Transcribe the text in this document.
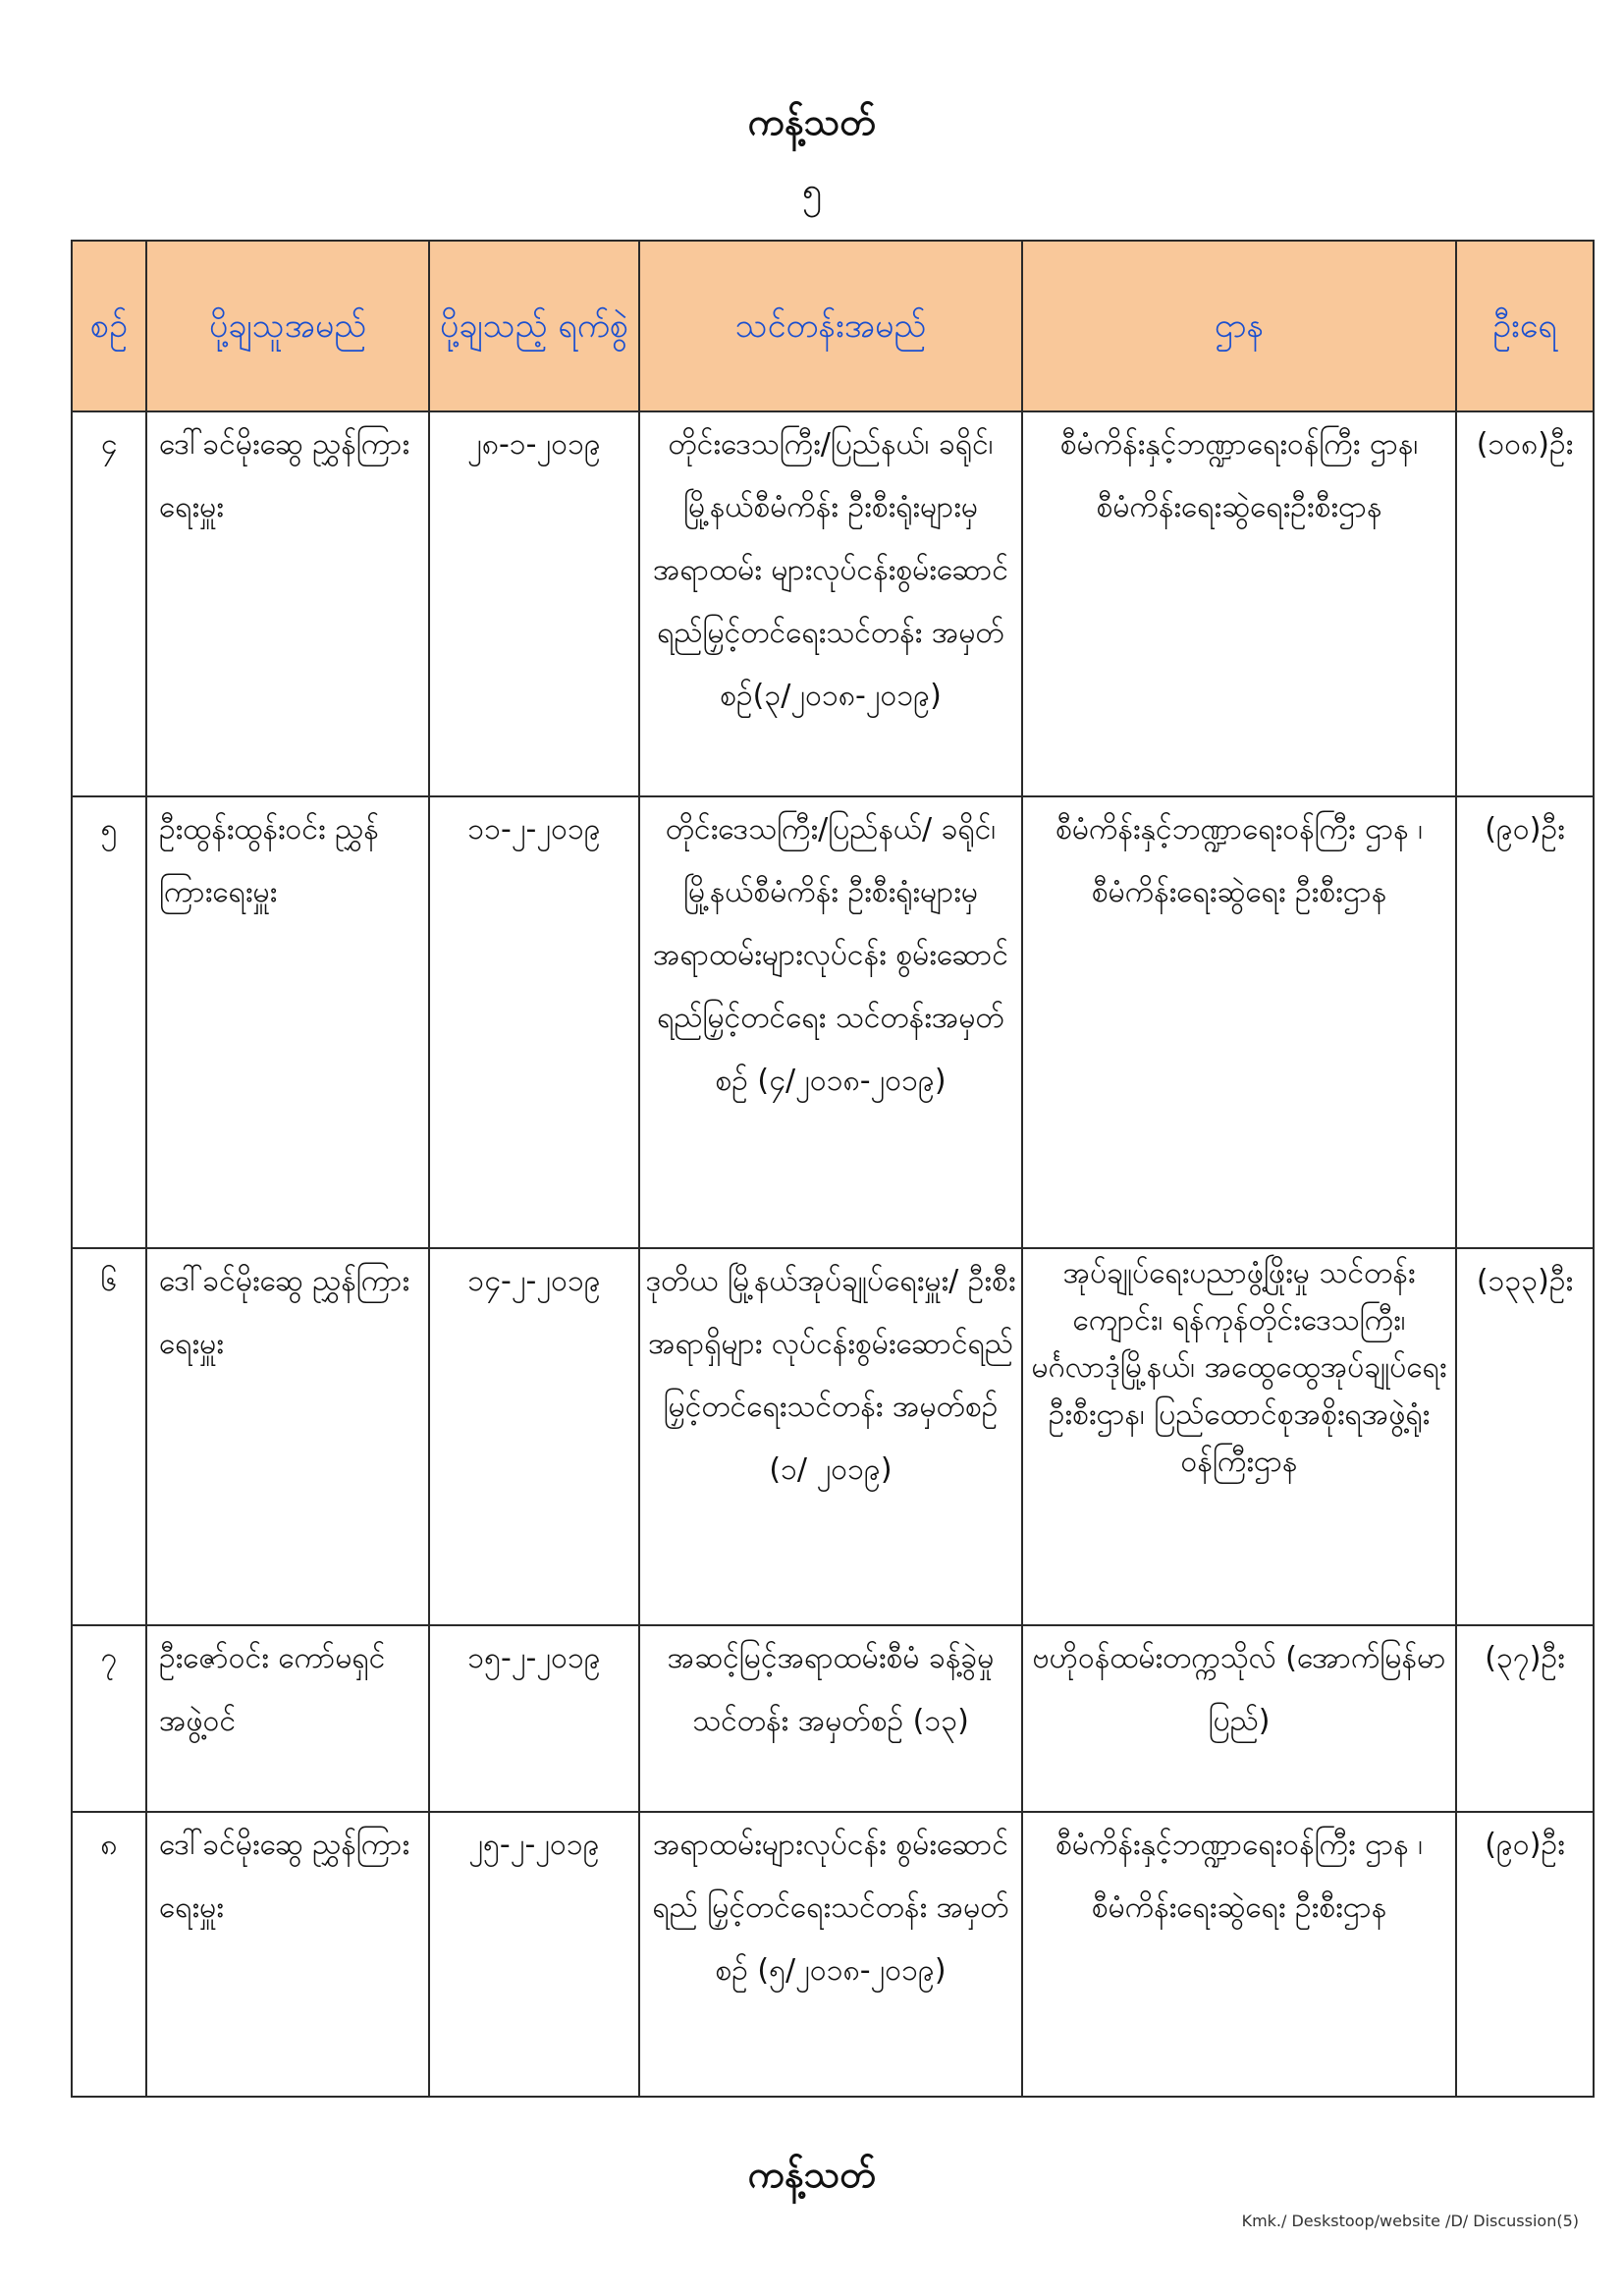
ကန့်သတ်
၅
စဉ်	ပို့ချသူအမည်	ပို့ချသည့် ရက်စွဲ	သင်တန်းအမည်	ဌာန	ဦးရေ
၄	ဒေါ်ခင်မိုးဆွေ ညွှန်ကြားရေးမှူး	၂၈-၁-၂၀၁၉	တိုင်းဒေသကြီး/ပြည်နယ်၊ ခရိုင်၊မြို့နယ်စီမံကိန်း ဦးစီးရုံးများမှ အရာထမ်း များလုပ်ငန်းစွမ်းဆောင် ရည်မြှင့်တင်ရေးသင်တန်း အမှတ်စဉ်(၃/၂၀၁၈-၂၀၁၉)	စီမံကိန်းနှင့်ဘဏ္ဍာရေးဝန်ကြီး ဌာန၊ စီမံကိန်းရေးဆွဲရေးဦးစီးဌာန	(၁၀၈)ဦး
၅	ဦးထွန်းထွန်းဝင်း ညွှန်ကြားရေးမှူး	၁၁-၂-၂၀၁၉	တိုင်းဒေသကြီး/ပြည်နယ်/ ခရိုင်၊ မြို့နယ်စီမံကိန်း ဦးစီးရုံးများမှ အရာထမ်းများလုပ်ငန်း စွမ်းဆောင်ရည်မြှင့်တင်ရေး သင်တန်းအမှတ်စဉ် (၄/၂၀၁၈-၂၀၁၉)	စီမံကိန်းနှင့်ဘဏ္ဍာရေးဝန်ကြီး ဌာန ၊ စီမံကိန်းရေးဆွဲရေး ဦးစီးဌာန	(၉၀)ဦး
၆	ဒေါ်ခင်မိုးဆွေ ညွှန်ကြားရေးမှူး	၁၄-၂-၂၀၁၉	ဒုတိယ မြို့နယ်အုပ်ချုပ်ရေးမှူး/ ဦးစီးအရာရှိများ လုပ်ငန်းစွမ်းဆောင်ရည် မြှင့်တင်ရေးသင်တန်း အမှတ်စဉ် (၁/ ၂၀၁၉)	အုပ်ချုပ်ရေးပညာဖွံ့ဖြိုးမှု သင်တန်းကျောင်း၊ ရန်ကုန်တိုင်းဒေသကြီး၊ မင်္ဂလာဒုံမြို့နယ်၊ အထွေထွေအုပ်ချုပ်ရေးဦးစီးဌာန၊ ပြည်ထောင်စုအစိုးရအဖွဲ့ရုံး ဝန်ကြီးဌာန	(၁၃၃)ဦး
၇	ဦးဇော်ဝင်း ကော်မရှင်အဖွဲ့ဝင်	၁၅-၂-၂၀၁၉	အဆင့်မြင့်အရာထမ်းစီမံ ခန့်ခွဲမှုသင်တန်း အမှတ်စဉ် (၁၃)	ဗဟိုဝန်ထမ်းတက္ကသိုလ် (အောက်မြန်မာပြည်)	(၃၇)ဦး
၈	ဒေါ်ခင်မိုးဆွေ ညွှန်ကြားရေးမှူး	၂၅-၂-၂၀၁၉	အရာထမ်းများလုပ်ငန်း စွမ်းဆောင်ရည် မြှင့်တင်ရေးသင်တန်း အမှတ်စဉ် (၅/၂၀၁၈-၂၀၁၉)	စီမံကိန်းနှင့်ဘဏ္ဍာရေးဝန်ကြီး ဌာန ၊ စီမံကိန်းရေးဆွဲရေး ဦးစီးဌာန	(၉၀)ဦး
ကန့်သတ်
Kmk./ Deskstoop/website /D/ Discussion(5)
